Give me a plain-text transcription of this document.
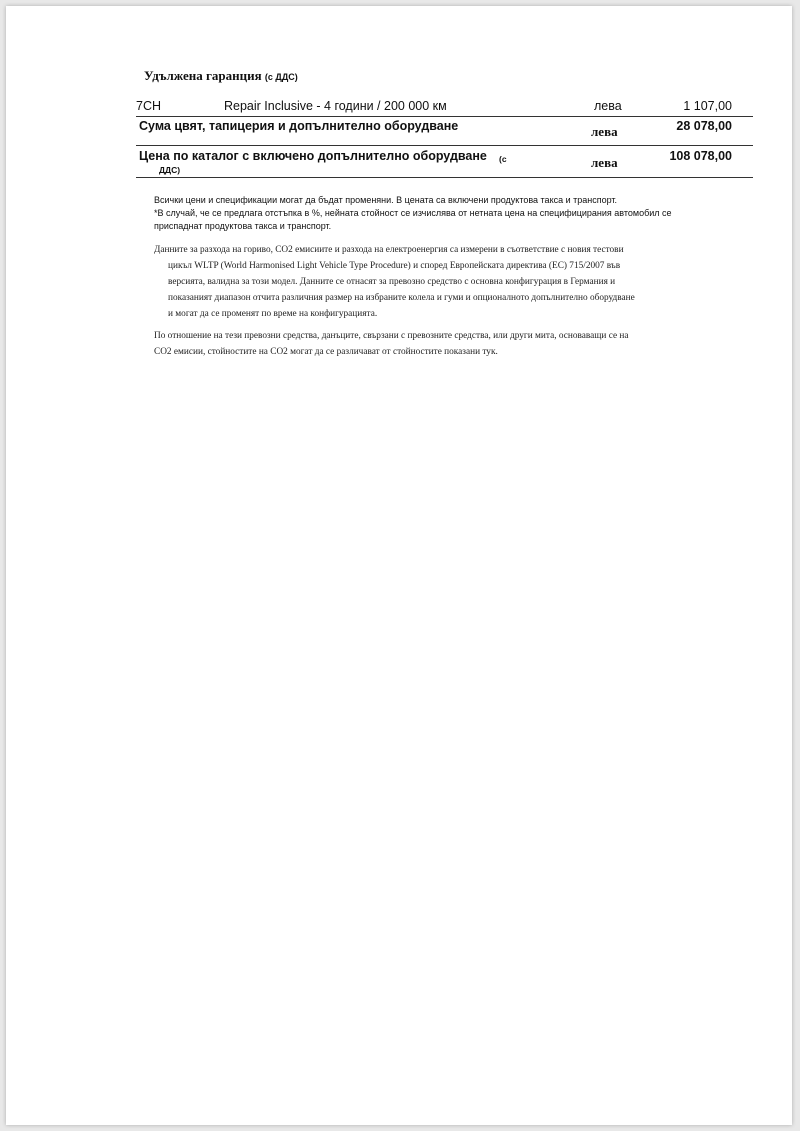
Удължена гаранция (с ДДС)
7CH	Repair Inclusive - 4 години / 200 000 км	лева	1 107,00
Сума цвят, тапицерия и допълнително оборудване	лева	28 078,00
Цена по каталог с включено допълнително оборудване (с
ДДС)	лева	108 078,00
Всички цени и спецификации могат да бъдат променяни. В цената са включени продуктова такса и транспорт.
*В случай, че се предлага отстъпка в %, нейната стойност се изчислява от нетната цена на специфицирания автомобил се
приспаднат продуктова такса и транспорт.
Данните за разхода на гориво, CO2 емисиите и разхода на електроенергия са измерени в съответствие с новия тестови
цикъл WLTP (World Harmonised Light Vehicle Type Procedure) и според Европейската директива (ЕС) 715/2007 във
версията, валидна за този модел. Данните се отнасят за превозно средство с основна конфигурация в Германия и
показаният диапазон отчита различния размер на избраните колела и гуми и опционалното допълнително оборудване
и могат да се променят по време на конфигурацията.
По отношение на тези превозни средства, данъците, свързани с превозните средства, или други мита, основаващи се на
CO2 емисии, стойностите на CO2 могат да се различават от стойностите показани тук.
